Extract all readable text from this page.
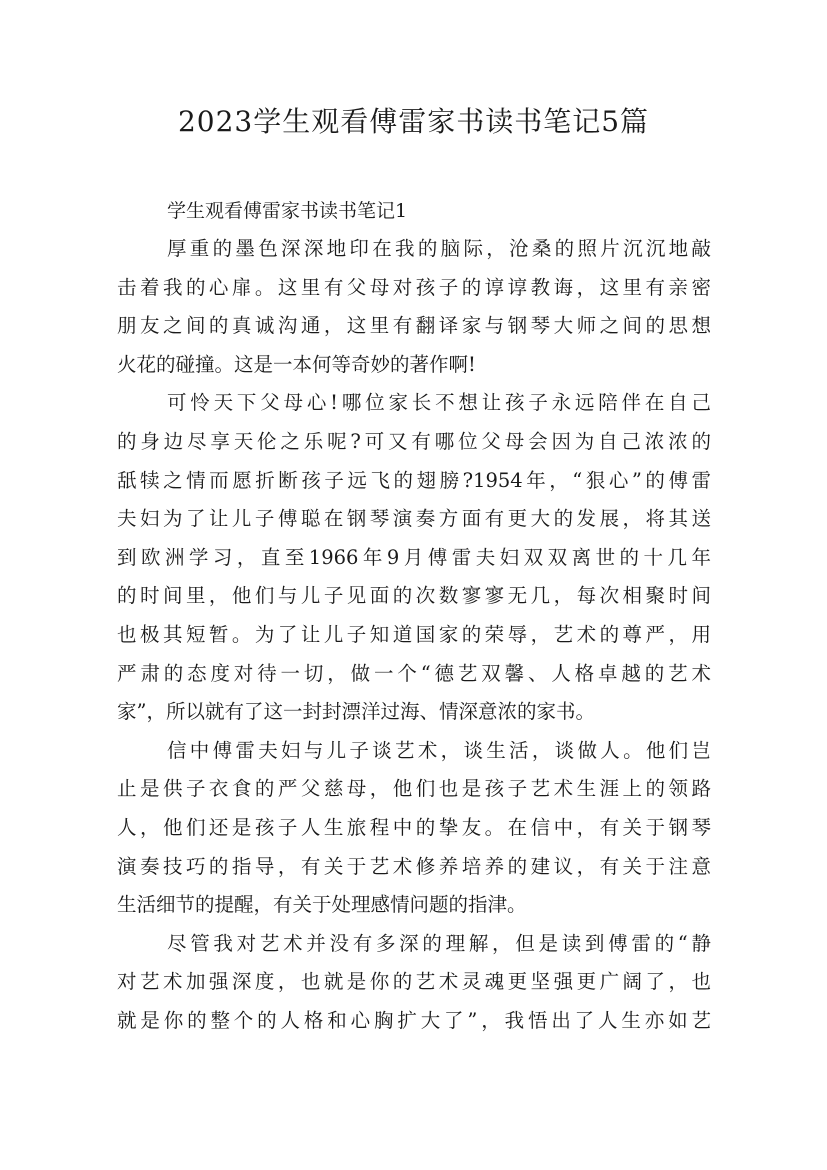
2023学生观看傅雷家书读书笔记5篇
学生观看傅雷家书读书笔记1

厚重的墨色深深地印在我的脑际，沧桑的照片沉沉地敲
击着我的心扉。这里有父母对孩子的谆谆教诲，这里有亲密
朋友之间的真诚沟通，这里有翻译家与钢琴大师之间的思想
火花的碰撞。这是一本何等奇妙的著作啊!

可怜天下父母心!哪位家长不想让孩子永远陪伴在自己
的身边尽享天伦之乐呢?可又有哪位父母会因为自己浓浓的
舐犊之情而愿折断孩子远飞的翅膀?1954年，“狠心”的傅雷
夫妇为了让儿子傅聪在钢琴演奏方面有更大的发展，将其送
到欧洲学习，直至1966年9月傅雷夫妇双双离世的十几年
的时间里，他们与儿子见面的次数寥寥无几，每次相聚时间
也极其短暂。为了让儿子知道国家的荣辱，艺术的尊严，用
严肃的态度对待一切，做一个“德艺双馨、人格卓越的艺术
家”，所以就有了这一封封漂洋过海、情深意浓的家书。

信中傅雷夫妇与儿子谈艺术，谈生活，谈做人。他们岂
止是供子衣食的严父慈母，他们也是孩子艺术生涯上的领路
人，他们还是孩子人生旅程中的挚友。在信中，有关于钢琴
演奏技巧的指导，有关于艺术修养培养的建议，有关于注意
生活细节的提醒，有关于处理感情问题的指津。

尽管我对艺术并没有多深的理解，但是读到傅雷的“静
对艺术加强深度，也就是你的艺术灵魂更坚强更广阔了，也
就是你的整个的人格和心胸扩大了”，我悟出了人生亦如艺
